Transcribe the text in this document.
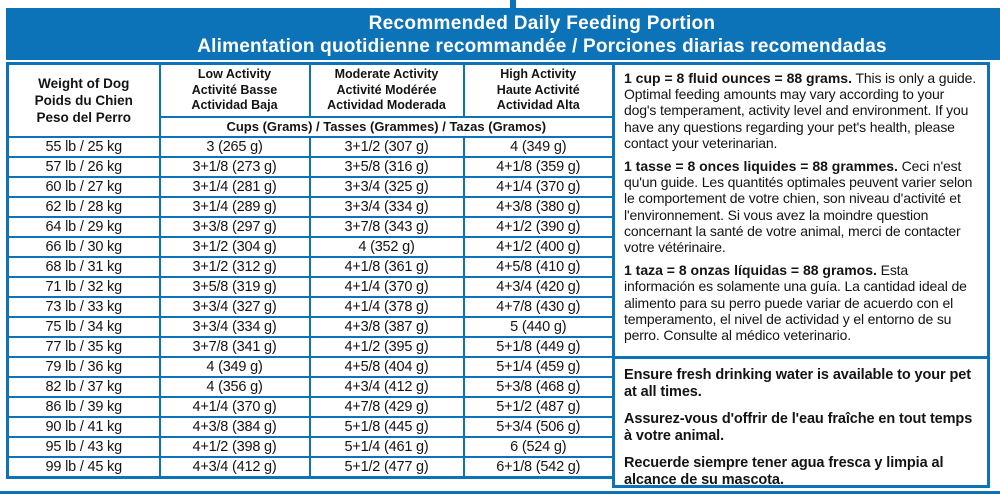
Recommended Daily Feeding Portion
Alimentation quotidienne recommandée / Porciones diarias recomendadas
Weight of Dog
Poids du Chien
Peso del Perro

Low Activity
Activité Basse
Actividad Baja

Moderate Activity
Activité Modérée
Actividad Moderada

High Activity
Haute Activité
Actividad Alta

	Cups (Grams) / Tasses (Grammes) / Tazas (Gramos)		
55 lb / 25 kg	3 (265 g)	3+1/2 (307 g)	4 (349 g)
57 lb / 26 kg	3+1/8 (273 g)	3+5/8 (316 g)	4+1/8 (359 g)
60 lb / 27 kg	3+1/4 (281 g)	3+3/4 (325 g)	4+1/4 (370 g)
62 lb / 28 kg	3+1/4 (289 g)	3+3/4 (334 g)	4+3/8 (380 g)
64 lb / 29 kg	3+3/8 (297 g)	3+7/8 (343 g)	4+1/2 (390 g)
66 lb / 30 kg	3+1/2 (304 g)	4 (352 g)	4+1/2 (400 g)
68 lb / 31 kg	3+1/2 (312 g)	4+1/8 (361 g)	4+5/8 (410 g)
71 lb / 32 kg	3+5/8 (319 g)	4+1/4 (370 g)	4+3/4 (420 g)
73 lb / 33 kg	3+3/4 (327 g)	4+1/4 (378 g)	4+7/8 (430 g)
75 lb / 34 kg	3+3/4 (334 g)	4+3/8 (387 g)	5 (440 g)
77 lb / 35 kg	3+7/8 (341 g)	4+1/2 (395 g)	5+1/8 (449 g)
79 lb / 36 kg	4 (349 g)	4+5/8 (404 g)	5+1/4 (459 g)
82 lb / 37 kg	4 (356 g)	4+3/4 (412 g)	5+3/8 (468 g)
86 lb / 39 kg	4+1/4 (370 g)	4+7/8 (429 g)	5+1/2 (487 g)
90 lb / 41 kg	4+3/8 (384 g)	5+1/8 (445 g)	5+3/4 (506 g)
95 lb / 43 kg	4+1/2 (398 g)	5+1/4 (461 g)	6 (524 g)
99 lb / 45 kg	4+3/4 (412 g)	5+1/2 (477 g)	6+1/8 (542 g)

1 cup = 8 fluid ounces = 88 grams. This is only a guide. Optimal feeding amounts may vary according to your dog's temperament, activity level and environment. If you have any questions regarding your pet's health, please contact your veterinarian.

1 tasse = 8 onces liquides = 88 grammes. Ceci n'est qu'un guide. Les quantités optimales peuvent varier selon le comportement de votre chien, son niveau d'activité et l'environnement. Si vous avez la moindre question concernant la santé de votre animal, merci de contacter votre vétérinaire.

1 taza = 8 onzas líquidas = 88 gramos. Esta información es solamente una guía. La cantidad ideal de alimento para su perro puede variar de acuerdo con el temperamento, el nivel de actividad y el entorno de su perro. Consulte al médico veterinario.

Ensure fresh drinking water is available to your pet at all times.

Assurez-vous d'offrir de l'eau fraîche en tout temps à votre animal.

Recuerde siempre tener agua fresca y limpia al alcance de su mascota.
